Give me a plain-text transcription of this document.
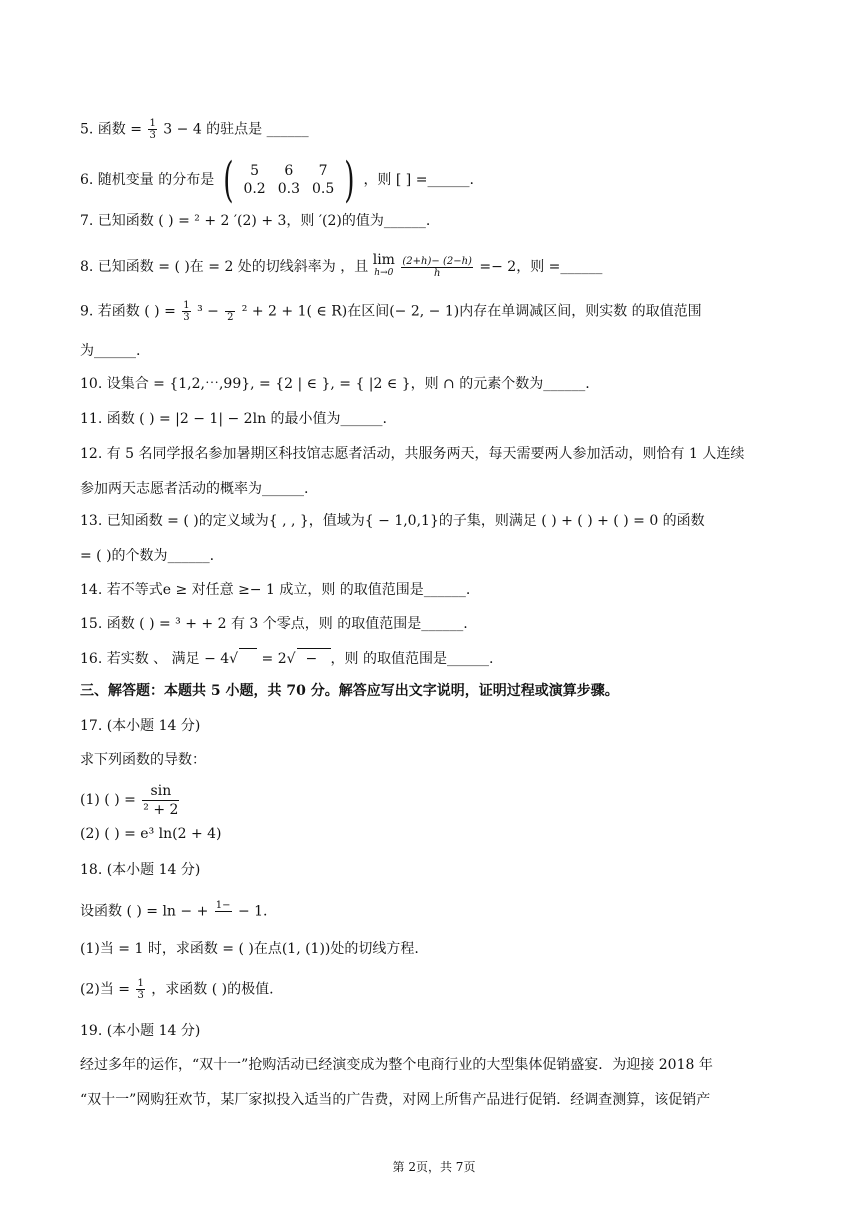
5. 函数 = $\frac{1}{3} 3 - 4$ 的驻点是 ______
6. 随机变量 的分布是 ( 5	6	7
0.2	0.3	0.5 ) ，则 [ ] =______.
7. 已知函数 ( ) = ² + 2 ′(2) + 3，则 ′(2)的值为______.
8. 已知函数 = ( )在 = 2 处的切线斜率为 ，且 lim
h→0
$\frac{(2+h)- (2-h)}{h} =- 2$，则 =______
9. 若函数 ( ) = $\frac{1}{3} ^3 - 2$ ² + 2 + 1( ∈ R)在区间(− 2, − 1)内存在单调减区间，则实数 的取值范围
为______.
10. 设集合 = {1,2,⋯,99}, = {2 | ∈ }, = { |2 ∈ }，则 ∩ 的元素个数为______.
11. 函数 ( ) = |2 − 1| − 2ln 的最小值为______.
12. 有 5 名同学报名参加暑期区科技馆志愿者活动，共服务两天，每天需要两人参加活动，则恰有 1 人连续
参加两天志愿者活动的概率为______.
13. 已知函数 = ( )的定义域为{ , , }，值域为{ − 1,0,1}的子集，则满足 ( ) + ( ) + ( ) = 0 的函数
= ( )的个数为______.
14. 若不等式e ≥ 对任意 ≥− 1 成立，则 的取值范围是______.
15. 函数 ( ) = ³ + + 2 有 3 个零点，则 的取值范围是______.
16. 若实数 、 满足 − 4√  = 2√  − ，则 的取值范围是______.
三、解答题：本题共 5 小题，共 70 分。解答应写出文字说明，证明过程或演算步骤。
17. (本小题 14 分)
求下列函数的导数：
(1) ( ) = $\frac{\sin}{\text{² + 2}}$
(2) ( ) = e³ ln(2 + 4)
18. (本小题 14 分)
设函数 ( ) = ln − + 1− − 1.
(1)当 = 1 时，求函数 = ( )在点(1, (1))处的切线方程.
(2)当 = $\frac{1}{3}$ ，求函数 ( )的极值.
19. (本小题 14 分)
经过多年的运作，“双十一”抢购活动已经演变成为整个电商行业的大型集体促销盛宴．为迎接 2018 年
“双十一”网购狂欢节，某厂家拟投入适当的广告费，对网上所售产品进行促销．经调查测算，该促销产
第 2页，共 7页
